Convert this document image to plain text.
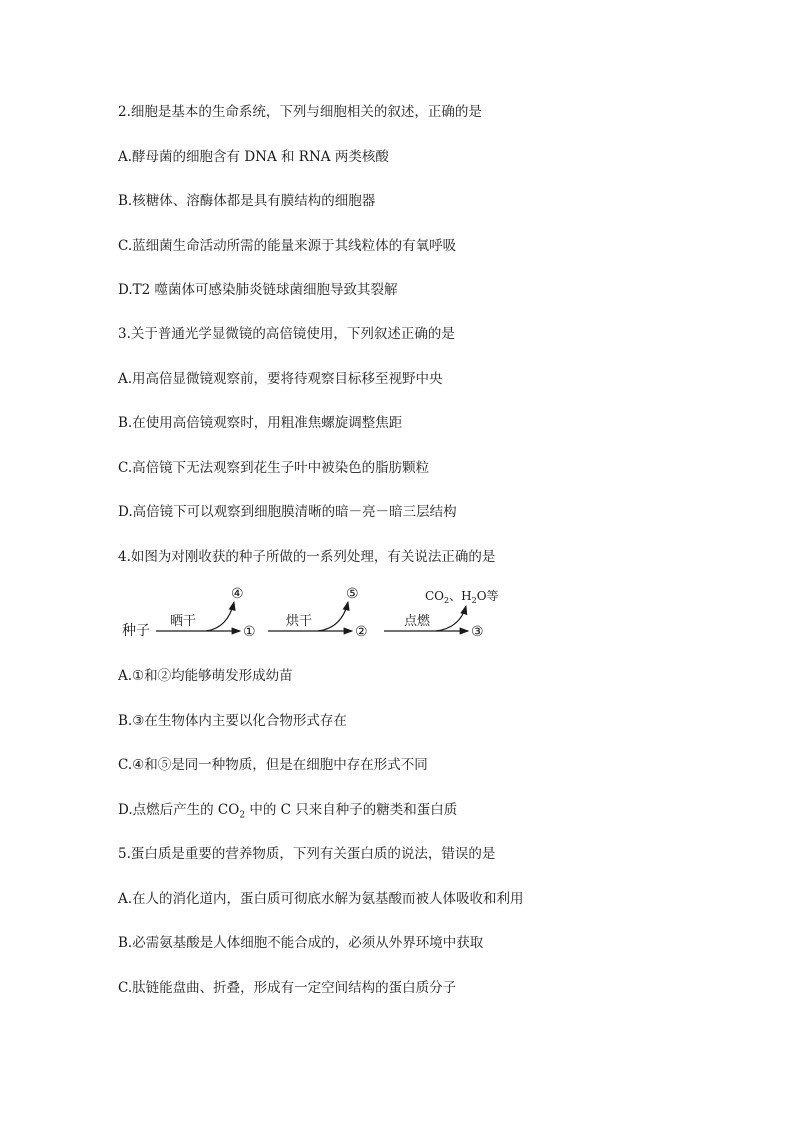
2.细胞是基本的生命系统，下列与细胞相关的叙述，正确的是
A.酵母菌的细胞含有 DNA 和 RNA 两类核酸
B.核糖体、溶酶体都是具有膜结构的细胞器
C.蓝细菌生命活动所需的能量来源于其线粒体的有氧呼吸
D.T2 噬菌体可感染肺炎链球菌细胞导致其裂解
3.关于普通光学显微镜的高倍镜使用，下列叙述正确的是
A.用高倍显微镜观察前，要将待观察目标移至视野中央
B.在使用高倍镜观察时，用粗准焦螺旋调整焦距
C.高倍镜下无法观察到花生子叶中被染色的脂肪颗粒
D.高倍镜下可以观察到细胞膜清晰的暗－亮－暗三层结构
4.如图为对刚收获的种子所做的一系列处理，有关说法正确的是
种子
晒干
④
①
烘干
⑤
②
点燃
$CO_2$、$H_2O$等
③
A.①和②均能够萌发形成幼苗
B.③在生物体内主要以化合物形式存在
C.④和⑤是同一种物质，但是在细胞中存在形式不同
D.点燃后产生的 $CO_2$ 中的 C 只来自种子的糖类和蛋白质
5.蛋白质是重要的营养物质，下列有关蛋白质的说法，错误的是
A.在人的消化道内，蛋白质可彻底水解为氨基酸而被人体吸收和利用
B.必需氨基酸是人体细胞不能合成的，必须从外界环境中获取
C.肽链能盘曲、折叠，形成有一定空间结构的蛋白质分子
